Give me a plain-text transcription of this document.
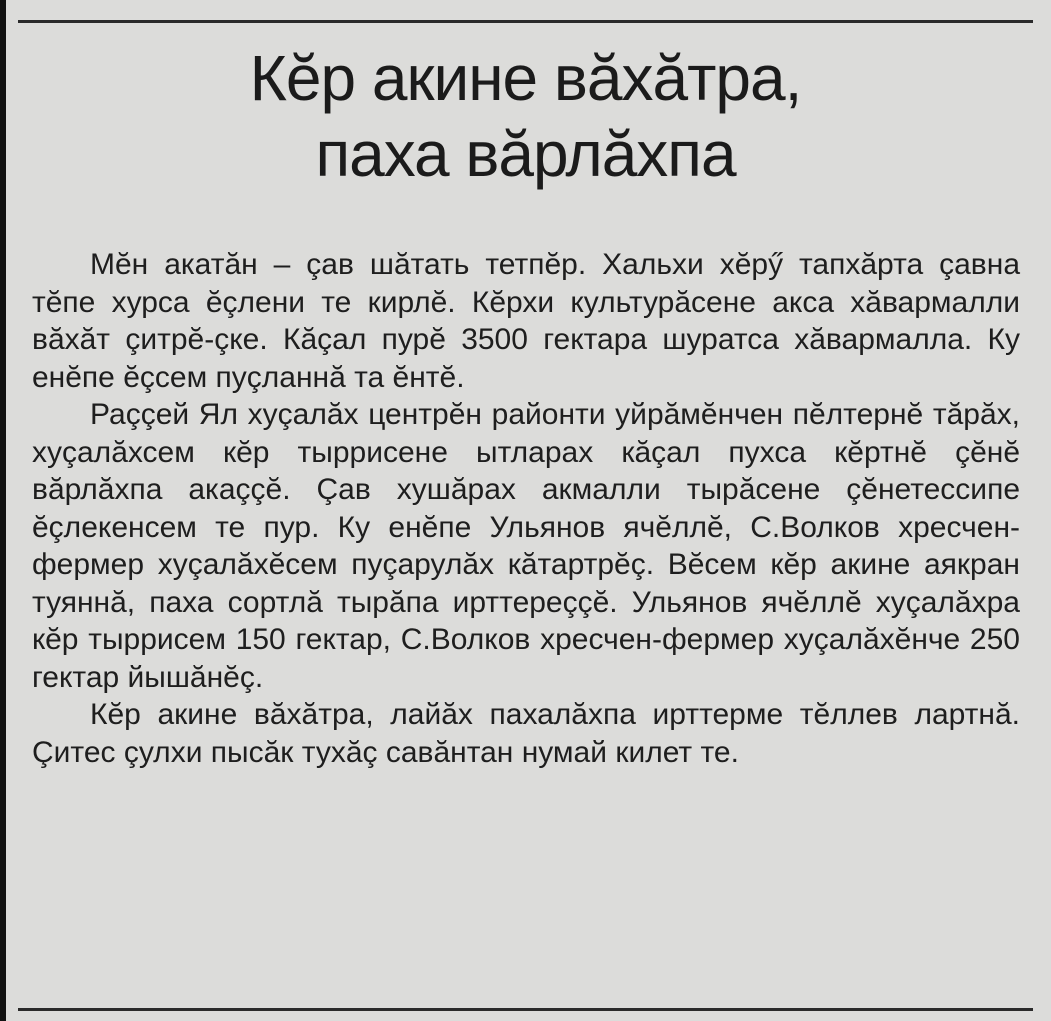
Кĕр акине вăхăтра,
паха вăрлăхпа

Мĕн акатăн – çав шăтать тетпĕр. Хальхи хĕрӳ тапхăрта çавна тĕпе хурса ĕçлени те кирлĕ. Кĕрхи культурăсене акса хăвармалли вăхăт çитрĕ-çке. Кăçал пурĕ 3500 гектара шуратса хăвармалла. Ку енĕпе ĕçсем пуçланнă та ĕнтĕ.

Раççей Ял хуçалăх центрĕн районти уйрăмĕнчен пĕлтернĕ тăрăх, хуçалăхсем кĕр тыррисене ытларах кăçал пухса кĕртнĕ çĕнĕ вăрлăхпа акаççĕ. Çав хушăрах акмалли тырăсене çĕнетессипе ĕçлекенсем те пур. Ку енĕпе Ульянов ячĕллĕ, С.Волков хресчен-фермер хуçалăхĕсем пуçарулăх кăтартрĕç. Вĕсем кĕр акине аякран туяннă, паха сортлă тырăпа ирттереççĕ. Ульянов ячĕллĕ хуçалăхра кĕр тыррисем 150 гектар, С.Волков хресчен-фермер хуçалăхĕнче 250 гектар йышăнĕç.

Кĕр акине вăхăтра, лайăх пахалăхпа ирттерме тĕллев лартнă. Çитес çулхи пысăк тухăç савăнтан нумай килет те.
